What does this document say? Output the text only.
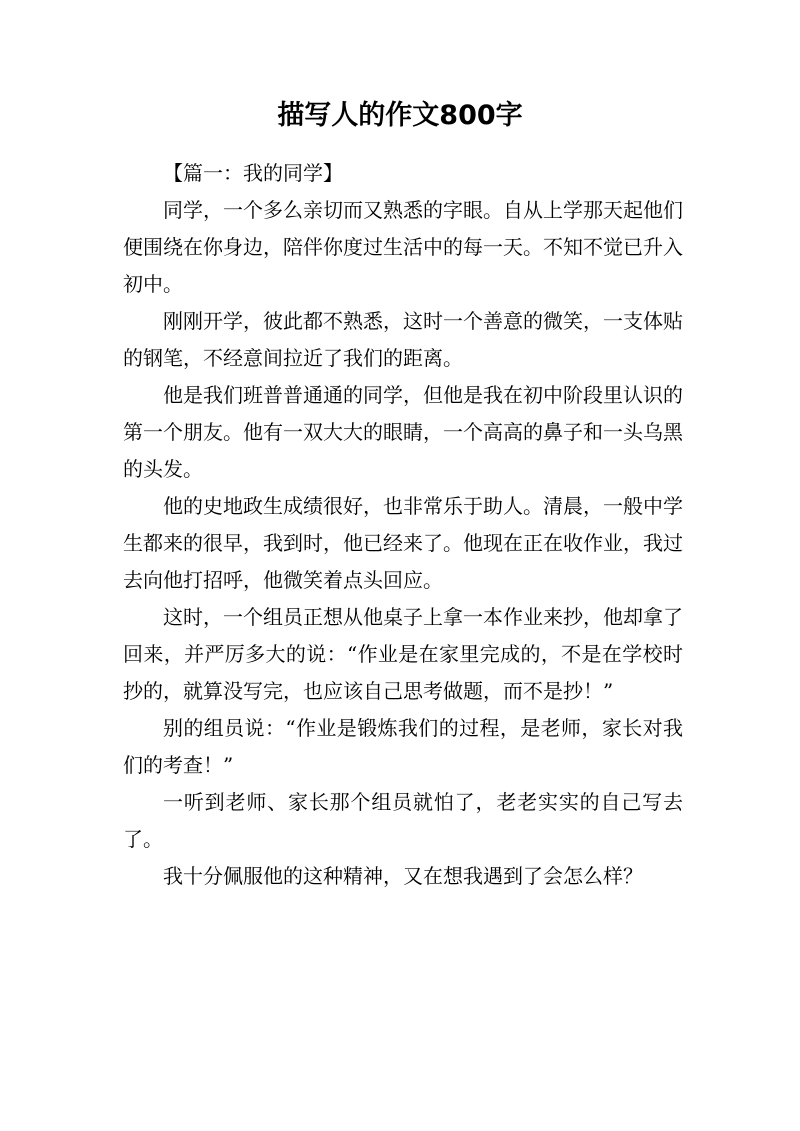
描写人的作文800字

【篇一：我的同学】

同学，一个多么亲切而又熟悉的字眼。自从上学那天起他们便围绕在你身边，陪伴你度过生活中的每一天。不知不觉已升入初中。

刚刚开学，彼此都不熟悉，这时一个善意的微笑，一支体贴的钢笔，不经意间拉近了我们的距离。

他是我们班普普通通的同学，但他是我在初中阶段里认识的第一个朋友。他有一双大大的眼睛，一个高高的鼻子和一头乌黑的头发。

他的史地政生成绩很好，也非常乐于助人。清晨，一般中学生都来的很早，我到时，他已经来了。他现在正在收作业，我过去向他打招呼，他微笑着点头回应。

这时，一个组员正想从他桌子上拿一本作业来抄，他却拿了回来，并严厉多大的说：“作业是在家里完成的，不是在学校时抄的，就算没写完，也应该自己思考做题，而不是抄！”

别的组员说：“作业是锻炼我们的过程，是老师，家长对我们的考查！”

一听到老师、家长那个组员就怕了，老老实实的自己写去了。

我十分佩服他的这种精神，又在想我遇到了会怎么样？
